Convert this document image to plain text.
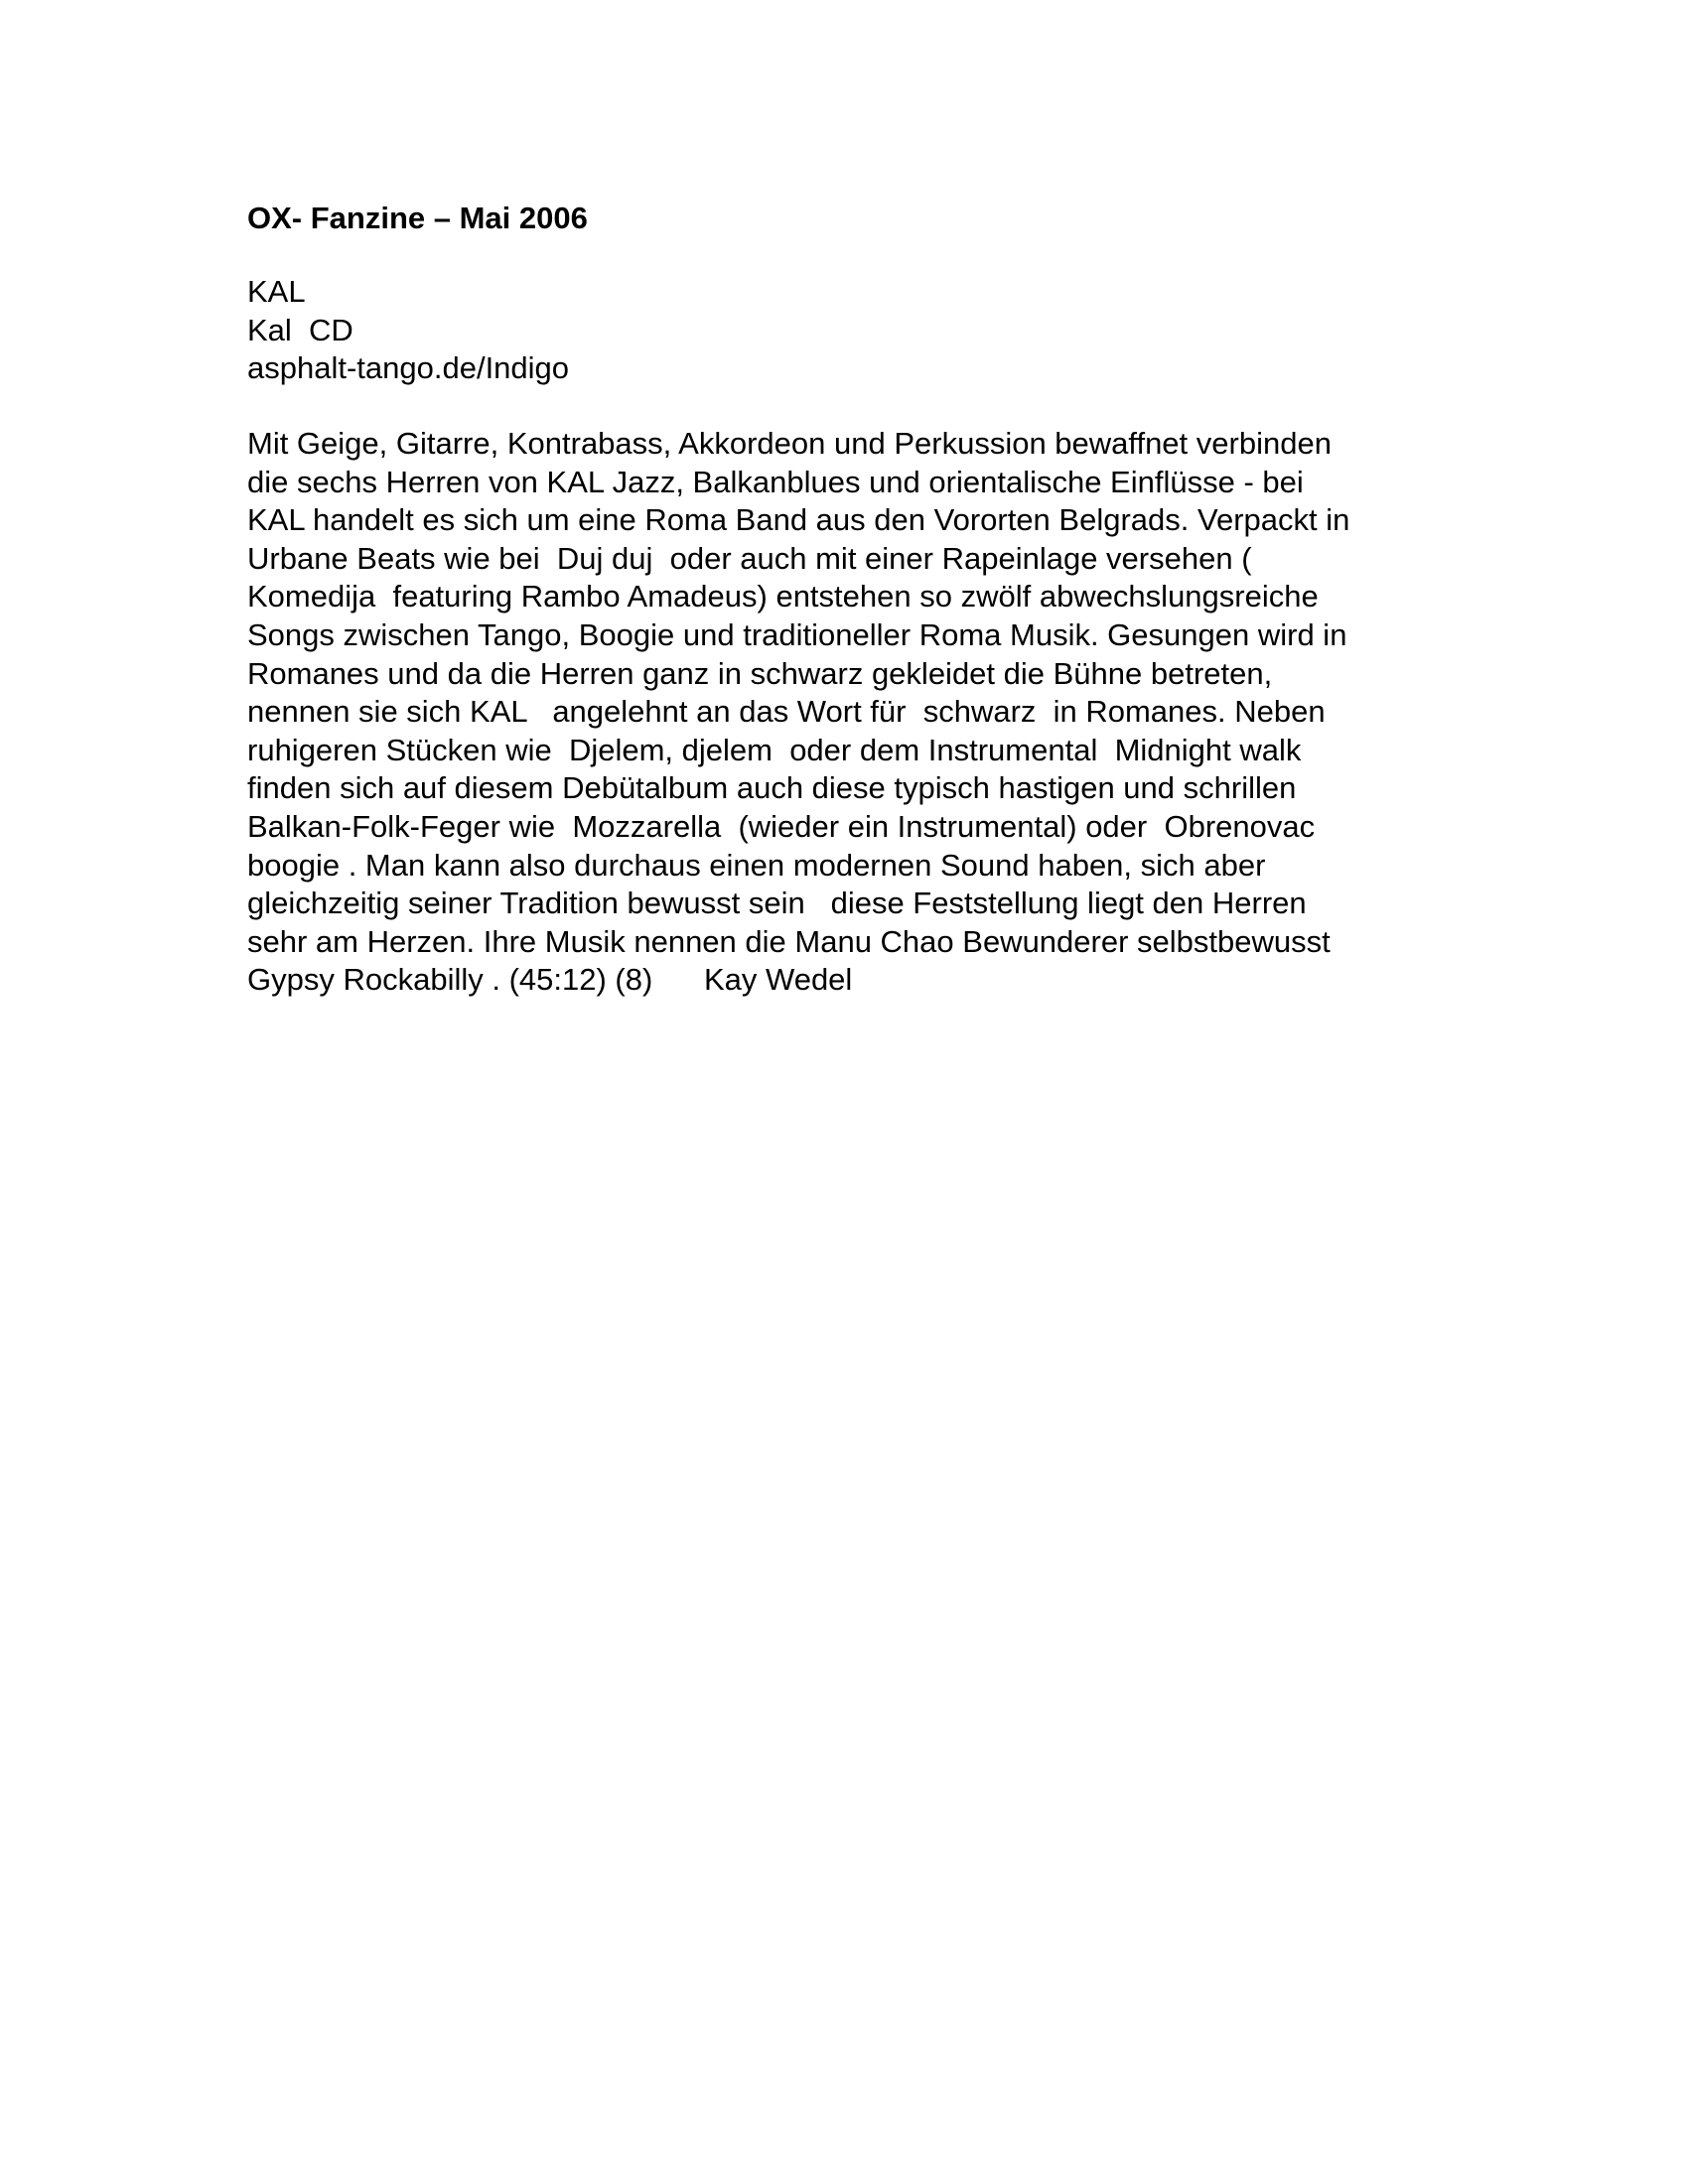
OX- Fanzine – Mai 2006
KAL
Kal  CD
asphalt-tango.de/Indigo
Mit Geige, Gitarre, Kontrabass, Akkordeon und Perkussion bewaffnet verbinden
die sechs Herren von KAL Jazz, Balkanblues und orientalische Einflüsse - bei
KAL handelt es sich um eine Roma Band aus den Vororten Belgrads. Verpackt in
Urbane Beats wie bei  Duj duj  oder auch mit einer Rapeinlage versehen (
Komedija  featuring Rambo Amadeus) entstehen so zwölf abwechslungsreiche
Songs zwischen Tango, Boogie und traditioneller Roma Musik. Gesungen wird in
Romanes und da die Herren ganz in schwarz gekleidet die Bühne betreten,
nennen sie sich KAL   angelehnt an das Wort für  schwarz  in Romanes. Neben
ruhigeren Stücken wie  Djelem, djelem  oder dem Instrumental  Midnight walk
finden sich auf diesem Debütalbum auch diese typisch hastigen und schrillen
Balkan-Folk-Feger wie  Mozzarella  (wieder ein Instrumental) oder  Obrenovac
boogie . Man kann also durchaus einen modernen Sound haben, sich aber
gleichzeitig seiner Tradition bewusst sein   diese Feststellung liegt den Herren
sehr am Herzen. Ihre Musik nennen die Manu Chao Bewunderer selbstbewusst
Gypsy Rockabilly . (45:12) (8)      Kay Wedel
